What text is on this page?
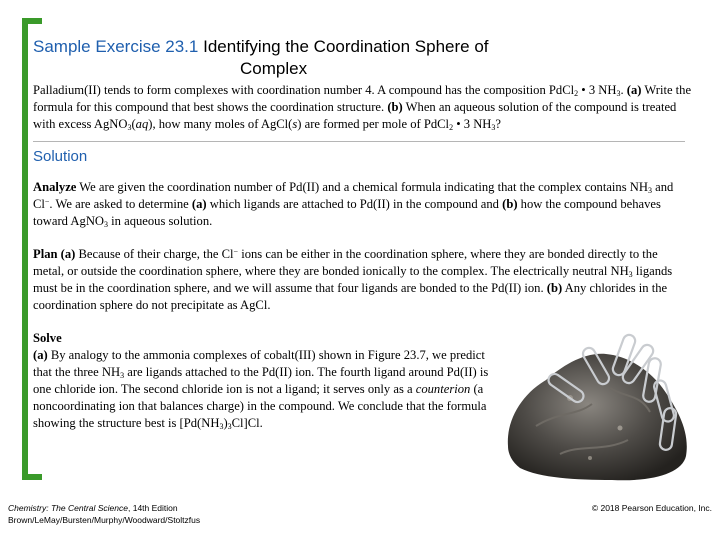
Sample Exercise 23.1 Identifying the Coordination Sphere of
Complex
Palladium(II) tends to form complexes with coordination number 4. A compound has the composition PdCl$_2$ • 3 $NH_3$. (a) Write the formula for this compound that best shows the coordination structure. (b) When an aqueous solution of the compound is treated with excess AgNO$_3$(aq), how many moles of AgCl(s) are formed per mole of PdCl$_2$ • 3 $NH_3$?
Solution
Analyze We are given the coordination number of Pd(II) and a chemical formula indicating that the complex contains $NH_3$ and Cl−. We are asked to determine (a) which ligands are attached to Pd(II) in the compound and (b) how the compound behaves toward AgNO$_3$ in aqueous solution.
Plan (a) Because of their charge, the Cl− ions can be either in the coordination sphere, where they are bonded directly to the metal, or outside the coordination sphere, where they are bonded ionically to the complex. The electrically neutral $NH_3$ ligands must be in the coordination sphere, and we will assume that four ligands are bonded to the Pd(II) ion. (b) Any chlorides in the coordination sphere do not precipitate as AgCl.
Solve
(a) By analogy to the ammonia complexes of cobalt(III) shown in Figure 23.7, we predict that the three $NH_3$ are ligands attached to the Pd(II) ion. The fourth ligand around Pd(II) is one chloride ion. The second chloride ion is not a ligand; it serves only as a counterion (a noncoordinating ion that balances charge) in the compound. We conclude that the formula showing the structure best is $[Pd(NH_3)_3Cl]Cl$.
Chemistry: The Central Science, 14th Edition
Brown/LeMay/Bursten/Murphy/Woodward/Stoltzfus
© 2018 Pearson Education, Inc.
